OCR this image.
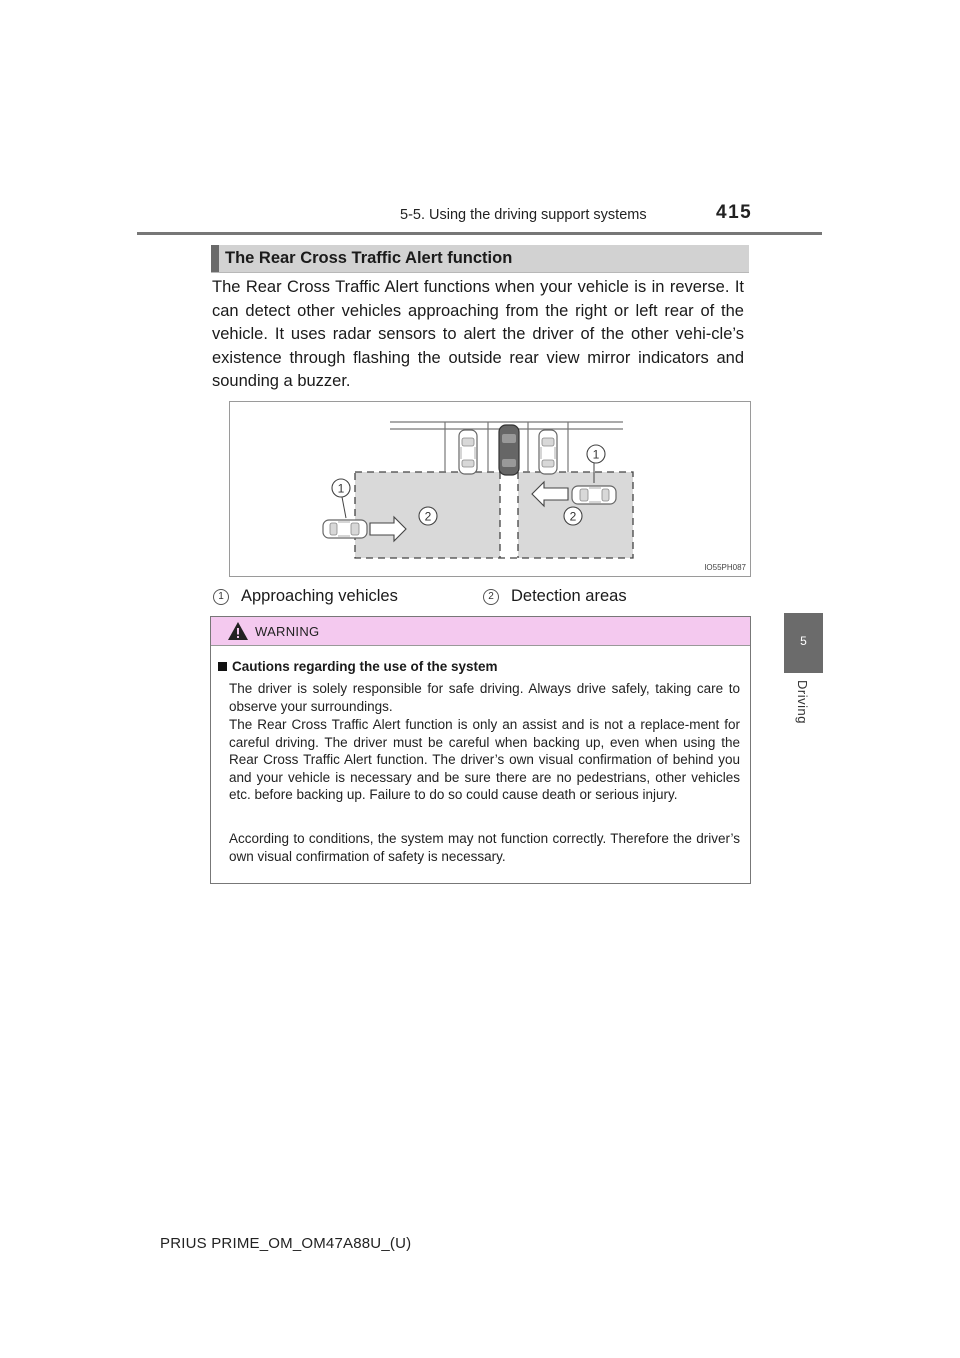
5-5. Using the driving support systems	415
5
Driving
The Rear Cross Traffic Alert function
The Rear Cross Traffic Alert functions when your vehicle is in reverse. It can detect other vehicles approaching from the right or left rear of the vehicle. It uses radar sensors to alert the driver of the other vehi-cle’s existence through flashing the outside rear view mirror indicators and sounding a buzzer.
1
1
2	2
IO55PH087
1	Approaching vehicles	2	Detection areas
WARNING
Cautions regarding the use of the system
The driver is solely responsible for safe driving. Always drive safely, taking care to observe your surroundings.
The Rear Cross Traffic Alert function is only an assist and is not a replace-ment for careful driving. The driver must be careful when backing up, even when using the Rear Cross Traffic Alert function. The driver’s own visual confirmation of behind you and your vehicle is necessary and be sure there are no pedestrians, other vehicles etc. before backing up. Failure to do so could cause death or serious injury.
According to conditions, the system may not function correctly. Therefore the driver’s own visual confirmation of safety is necessary.
PRIUS PRIME_OM_OM47A88U_(U)
